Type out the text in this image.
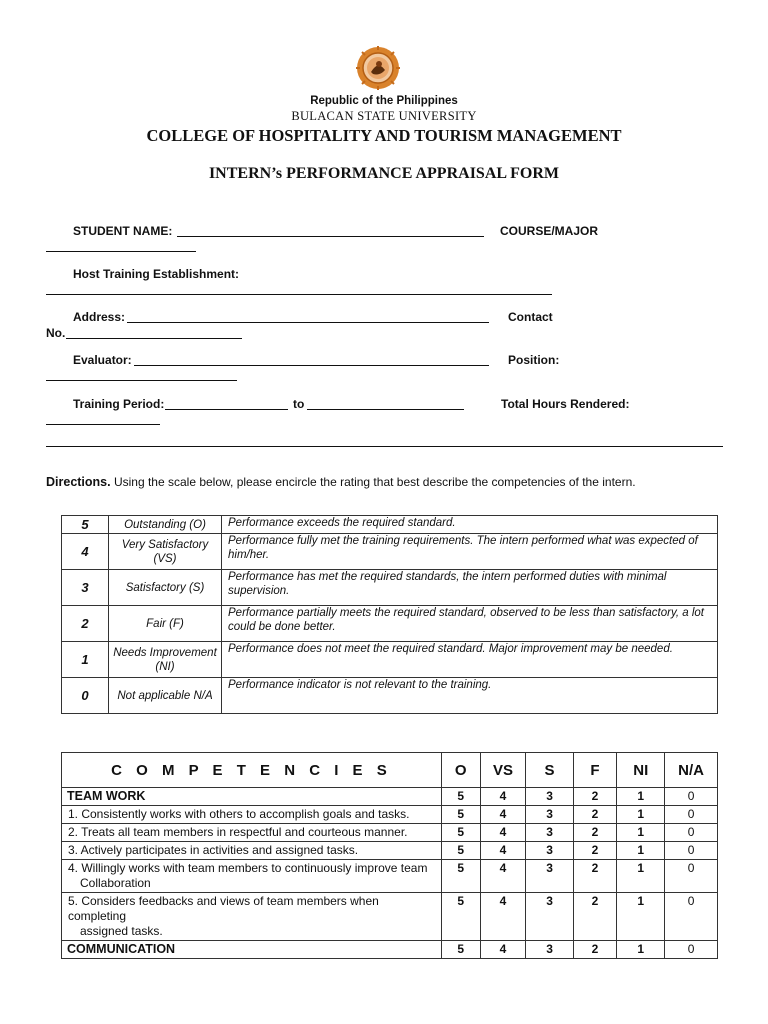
Republic of the Philippines
BULACAN STATE UNIVERSITY
COLLEGE OF HOSPITALITY AND TOURISM MANAGEMENT
INTERN’s PERFORMANCE APPRAISAL FORM
STUDENT NAME:	COURSE/MAJOR
Host Training Establishment:
Address:	Contact
No.
Evaluator:	Position:
Training Period:	to	Total Hours Rendered:
Directions. Using the scale below, please encircle the rating that best describe the competencies of the intern.
5	Outstanding (O)	Performance exceeds the required standard.
4	Very Satisfactory (VS)	Performance fully met the training requirements. The intern performed what was expected of him/her.
3	Satisfactory (S)	Performance has met the required standards, the intern performed duties with minimal supervision.
2	Fair (F)	Performance partially meets the required standard, observed to be less than satisfactory, a lot could be done better.
1	Needs Improvement (NI)	Performance does not meet the required standard. Major improvement may be needed.
0	Not applicable N/A	Performance indicator is not relevant to the training.
C O M P E T E N C I E S	O	VS	S	F	NI	N/A
TEAM WORK	5	4	3	2	1	0
1. Consistently works with others to accomplish goals and tasks.	5	4	3	2	1	0
2. Treats all team members in respectful and courteous manner.	5	4	3	2	1	0
3. Actively participates in activities and assigned tasks.	5	4	3	2	1	0
4. Willingly works with team members to continuously improve team
Collaboration	5	4	3	2	1	0
5. Considers feedbacks and views of team members when completing
assigned tasks.	5	4	3	2	1	0
COMMUNICATION	5	4	3	2	1	0
